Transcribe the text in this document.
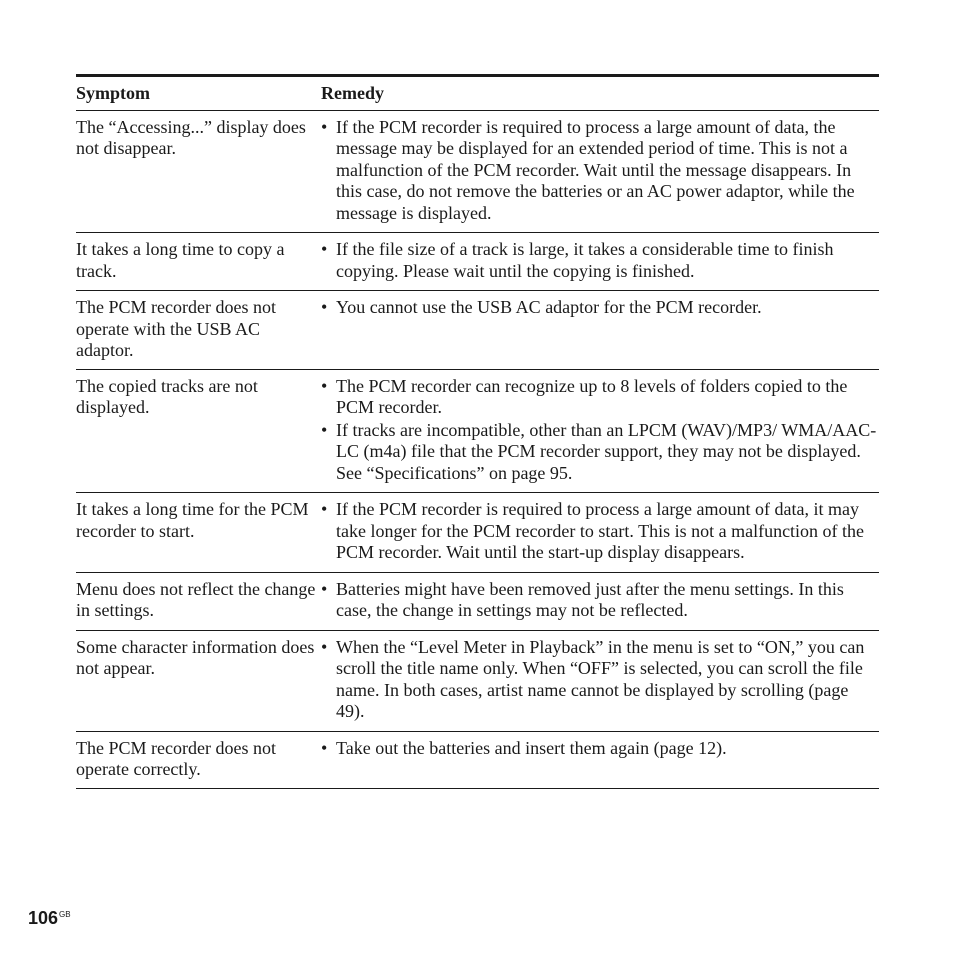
Symptom	Remedy
The “Accessing...” display does not disappear.
• If the PCM recorder is required to process a large amount of data, the message may be displayed for an extended period of time. This is not a malfunction of the PCM recorder. Wait until the message disappears. In this case, do not remove the batteries or an AC power adaptor, while the message is displayed.
It takes a long time to copy a track.
• If the file size of a track is large, it takes a considerable time to finish copying. Please wait until the copying is finished.
The PCM recorder does not operate with the USB AC adaptor.
• You cannot use the USB AC adaptor for the PCM recorder.
The copied tracks are not displayed.
• The PCM recorder can recognize up to 8 levels of folders copied to the PCM recorder.
• If tracks are incompatible, other than an LPCM (WAV)/MP3/ WMA/AAC-LC (m4a) file that the PCM recorder support, they may not be displayed. See “Specifications” on page 95.
It takes a long time for the PCM recorder to start.
• If the PCM recorder is required to process a large amount of data, it may take longer for the PCM recorder to start. This is not a malfunction of the PCM recorder. Wait until the start-up display disappears.
Menu does not reflect the change in settings.
• Batteries might have been removed just after the menu settings. In this case, the change in settings may not be reflected.
Some character information does not appear.
• When the “Level Meter in Playback” in the menu is set to “ON,” you can scroll the title name only. When “OFF” is selected, you can scroll the file name. In both cases, artist name cannot be displayed by scrolling (page 49).
The PCM recorder does not operate correctly.
• Take out the batteries and insert them again (page 12).
$106^{GB}$
